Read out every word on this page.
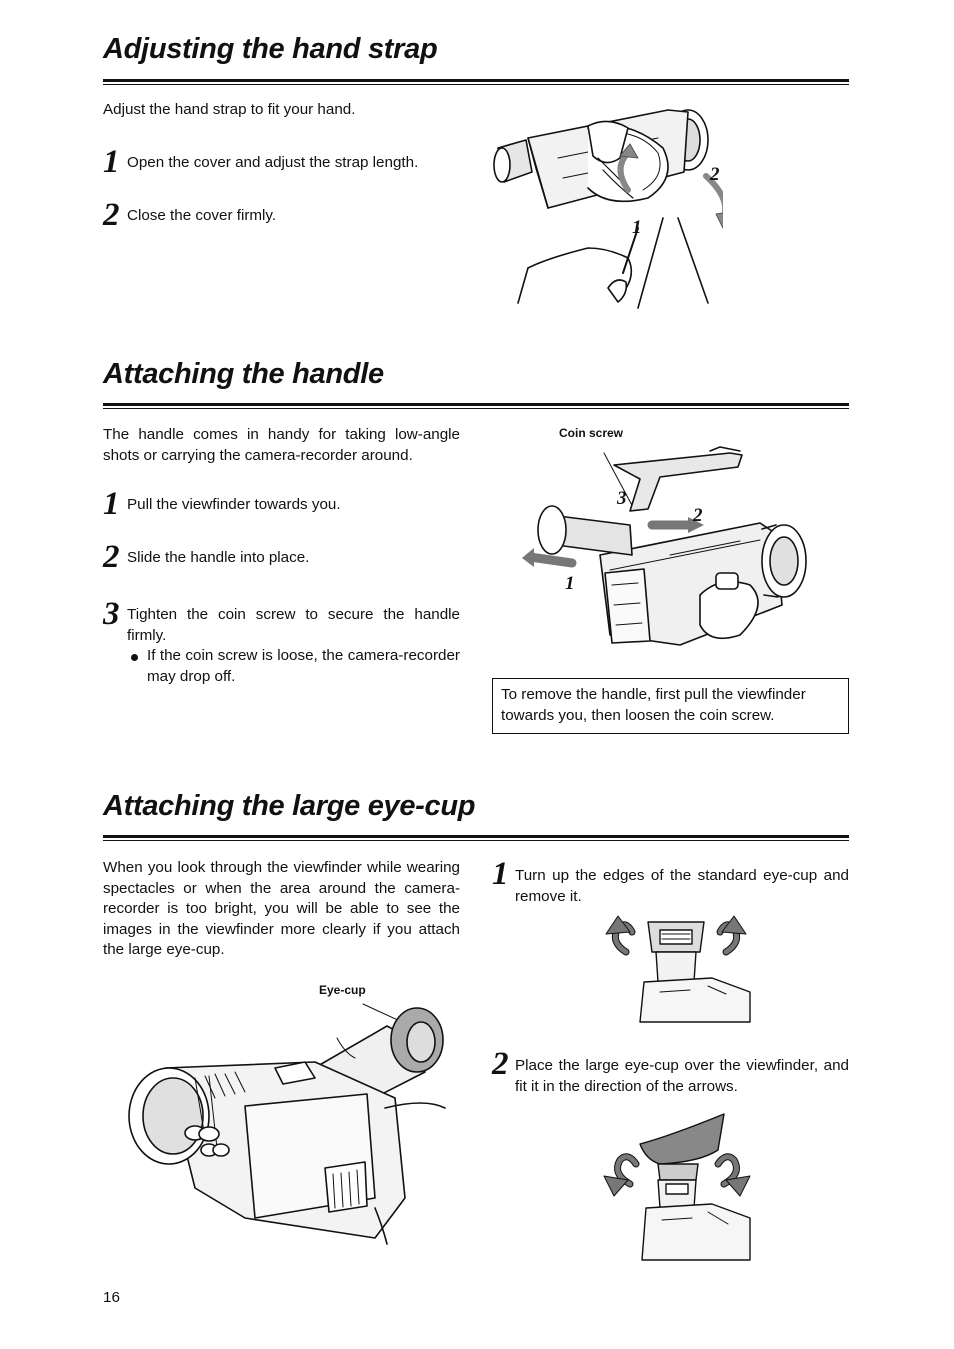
Adjusting the hand strap
Adjust the hand strap to fit your hand.
1 Open the cover and adjust the strap length.
2 Close the cover firmly.
2
1
Attaching the handle
The handle comes in handy for taking low-angle shots or carrying the camera-recorder around.
1 Pull the viewfinder towards you.
2 Slide the handle into place.
3 Tighten the coin screw to secure the handle firmly.
If the coin screw is loose, the camera-recorder may drop off.
Coin screw
3
2
1
To remove the handle, first pull the viewfinder towards you, then loosen the coin screw.
Attaching the large eye-cup
When you look through the viewfinder while wearing spectacles or when the area around the camera-recorder is too bright, you will be able to see the images in the viewfinder more clearly if you attach the large eye-cup.
Eye-cup
1 Turn up the edges of the standard eye-cup and remove it.
2 Place the large eye-cup over the viewfinder, and fit it in the direction of the arrows.
16
